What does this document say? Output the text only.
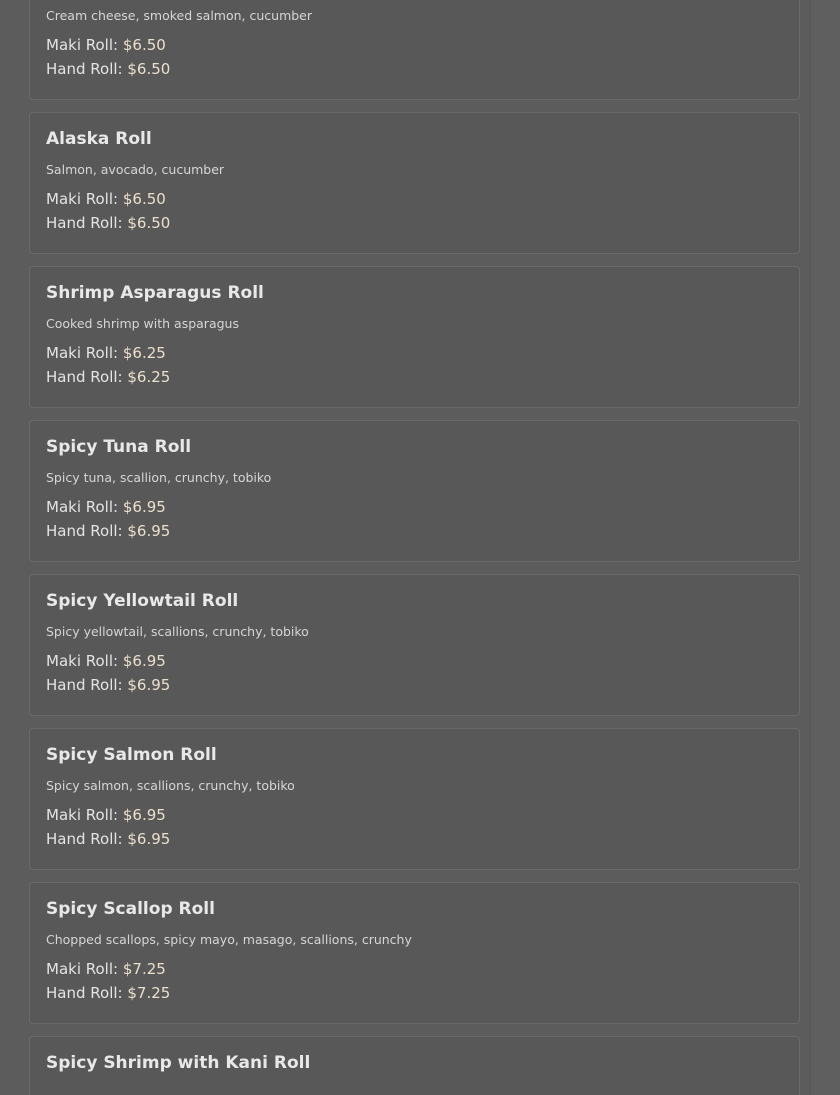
Cream cheese, smoked salmon, cucumber

Maki Roll: $6.50

Hand Roll: $6.50

Alaska Roll

Salmon, avocado, cucumber

Maki Roll: $6.50

Hand Roll: $6.50

Shrimp Asparagus Roll

Cooked shrimp with asparagus

Maki Roll: $6.25

Hand Roll: $6.25

Spicy Tuna Roll

Spicy tuna, scallion, crunchy, tobiko

Maki Roll: $6.95

Hand Roll: $6.95

Spicy Yellowtail Roll

Spicy yellowtail, scallions, crunchy, tobiko

Maki Roll: $6.95

Hand Roll: $6.95

Spicy Salmon Roll

Spicy salmon, scallions, crunchy, tobiko

Maki Roll: $6.95

Hand Roll: $6.95

Spicy Scallop Roll

Chopped scallops, spicy mayo, masago, scallions, crunchy

Maki Roll: $7.25

Hand Roll: $7.25

Spicy Shrimp with Kani Roll
